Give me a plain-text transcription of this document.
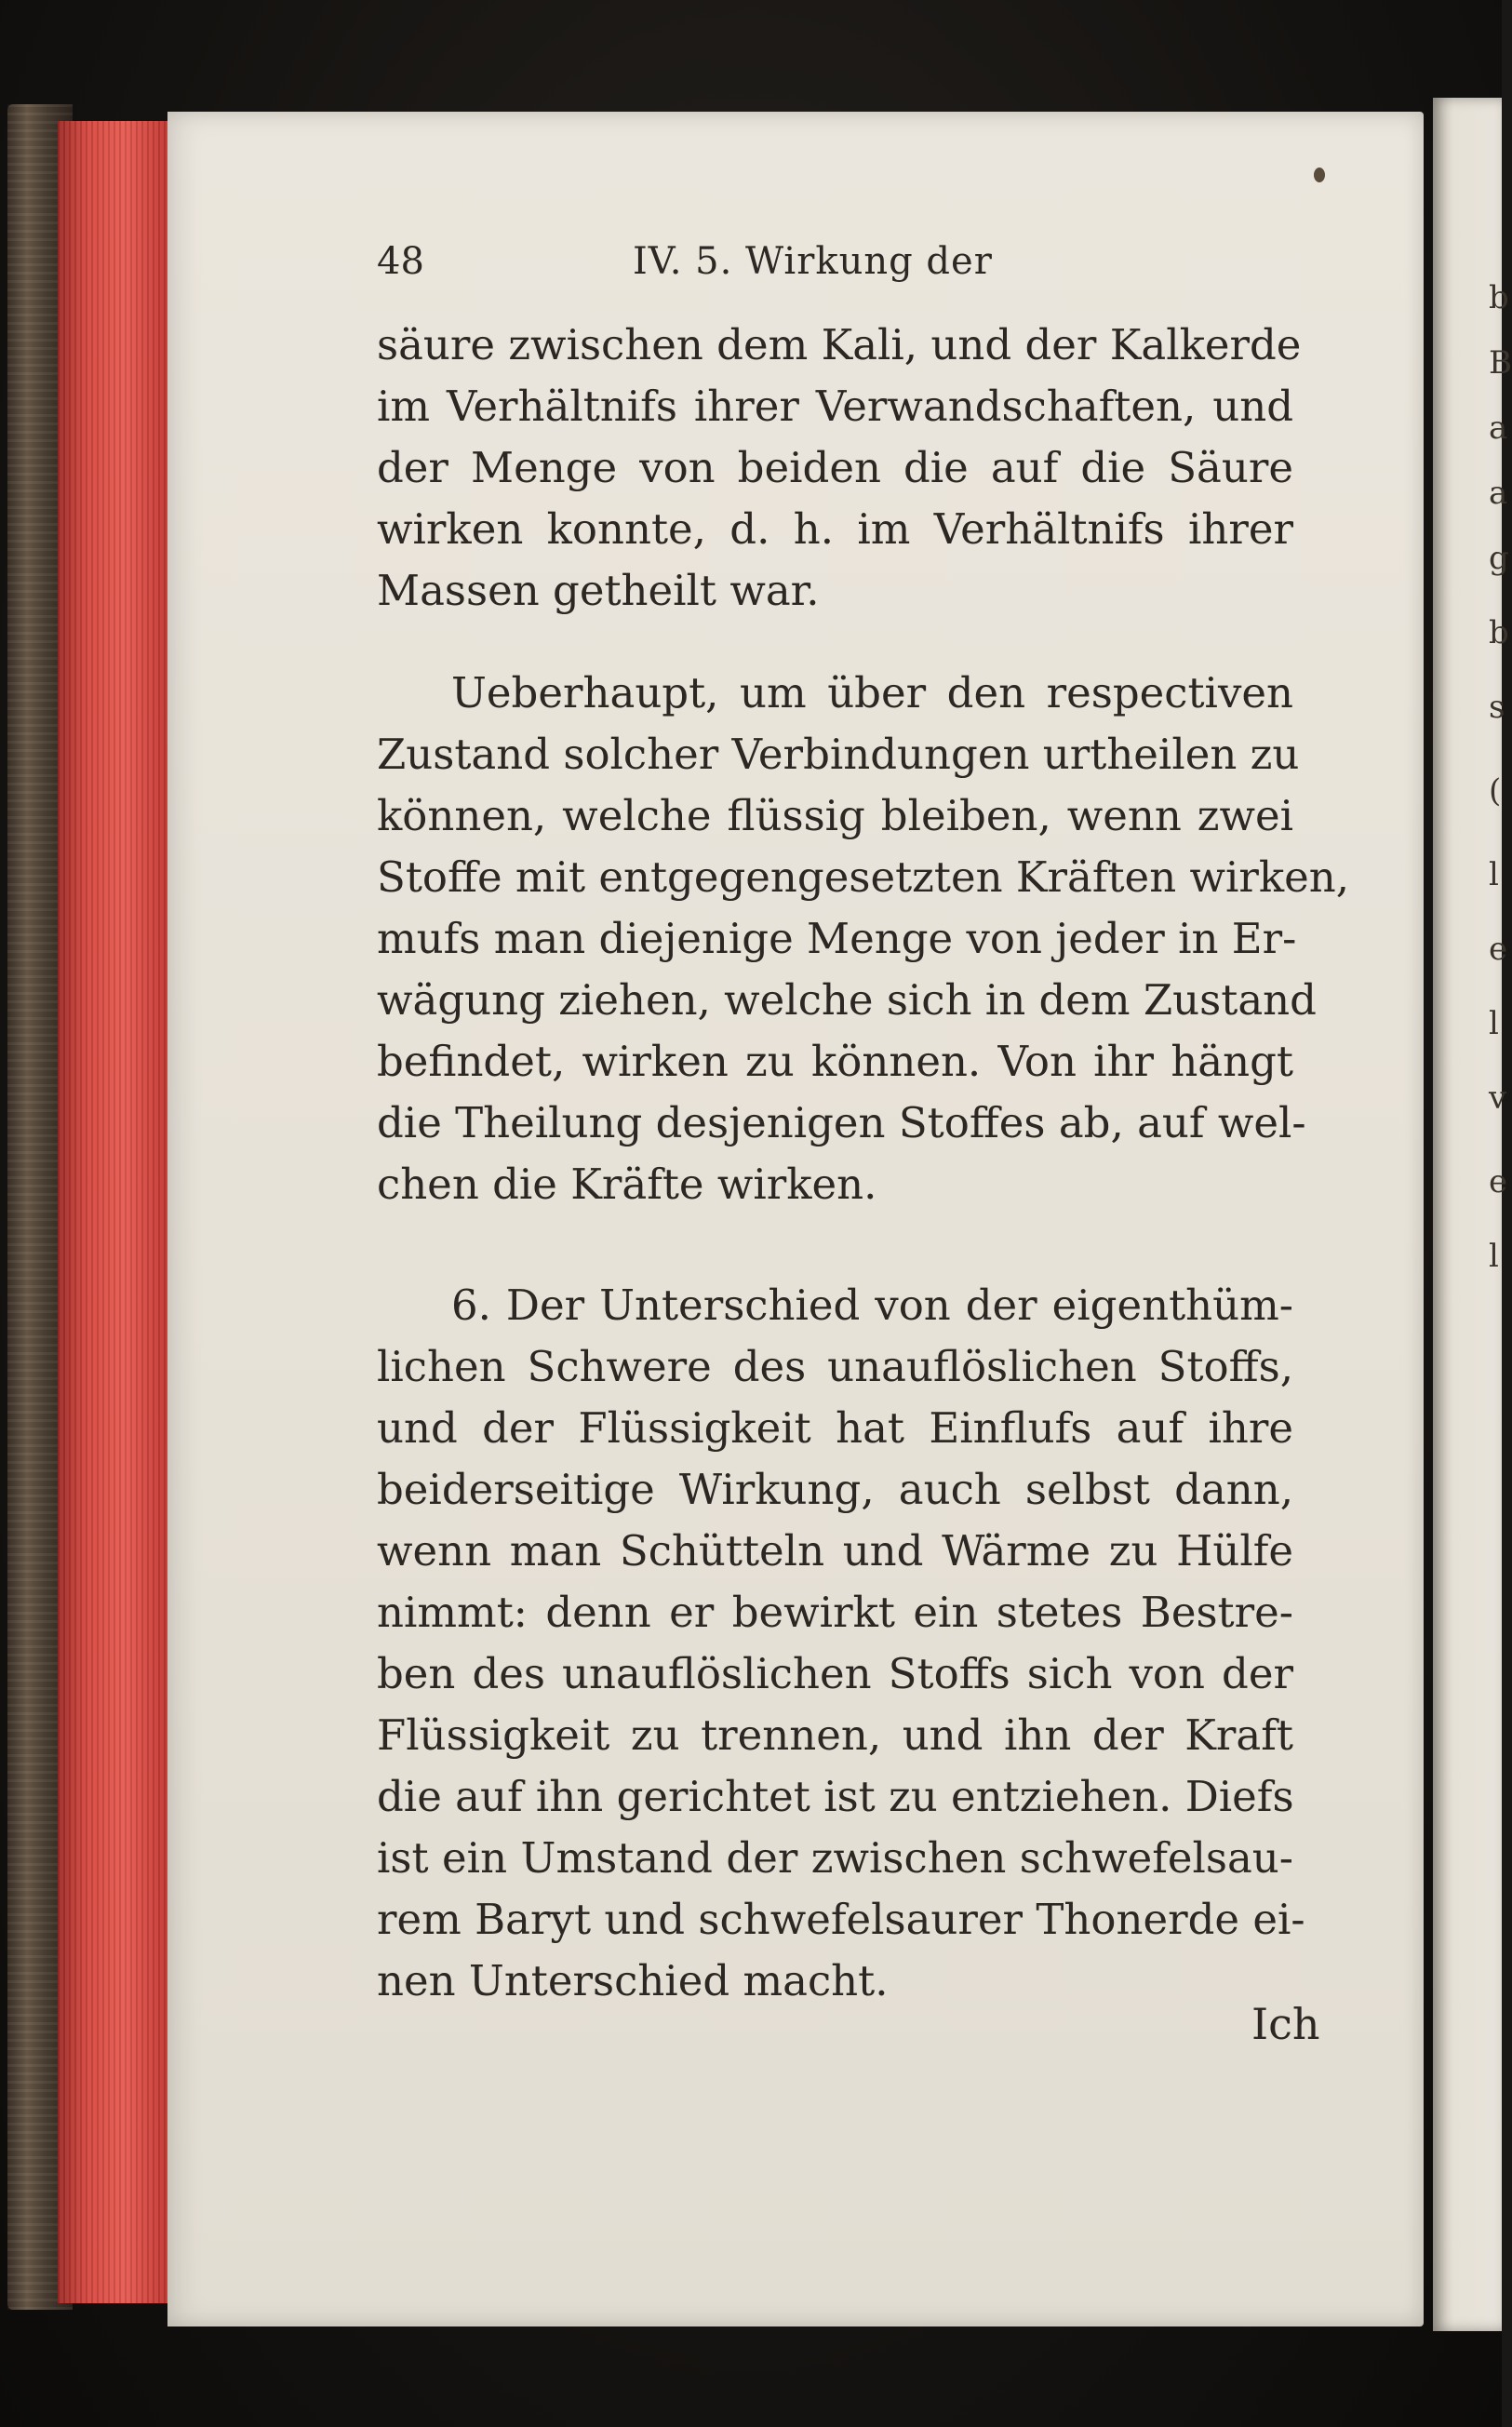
b
B
a
a
g
b
s
(
l
e
l
v
e
l
48	IV. 5. Wirkung der
säure zwischen dem Kali, und der Kalkerde
im Verhältnifs ihrer Verwandschaften, und
der Menge von beiden die auf die Säure
wirken konnte, d. h. im Verhältnifs ihrer
Massen getheilt war.
Ueberhaupt, um über den respectiven
Zustand solcher Verbindungen urtheilen zu
können, welche flüssig bleiben, wenn zwei
Stoffe mit entgegengesetzten Kräften wirken,
mufs man diejenige Menge von jeder in Er-
wägung ziehen, welche sich in dem Zustand
befindet, wirken zu können. Von ihr hängt
die Theilung desjenigen Stoffes ab, auf wel-
chen die Kräfte wirken.
6. Der Unterschied von der eigenthüm-
lichen Schwere des unauflöslichen Stoffs,
und der Flüssigkeit hat Einflufs auf ihre
beiderseitige Wirkung, auch selbst dann,
wenn man Schütteln und Wärme zu Hülfe
nimmt: denn er bewirkt ein stetes Bestre-
ben des unauflöslichen Stoffs sich von der
Flüssigkeit zu trennen, und ihn der Kraft
die auf ihn gerichtet ist zu entziehen. Diefs
ist ein Umstand der zwischen schwefelsau-
rem Baryt und schwefelsaurer Thonerde ei-
nen Unterschied macht.
Ich
